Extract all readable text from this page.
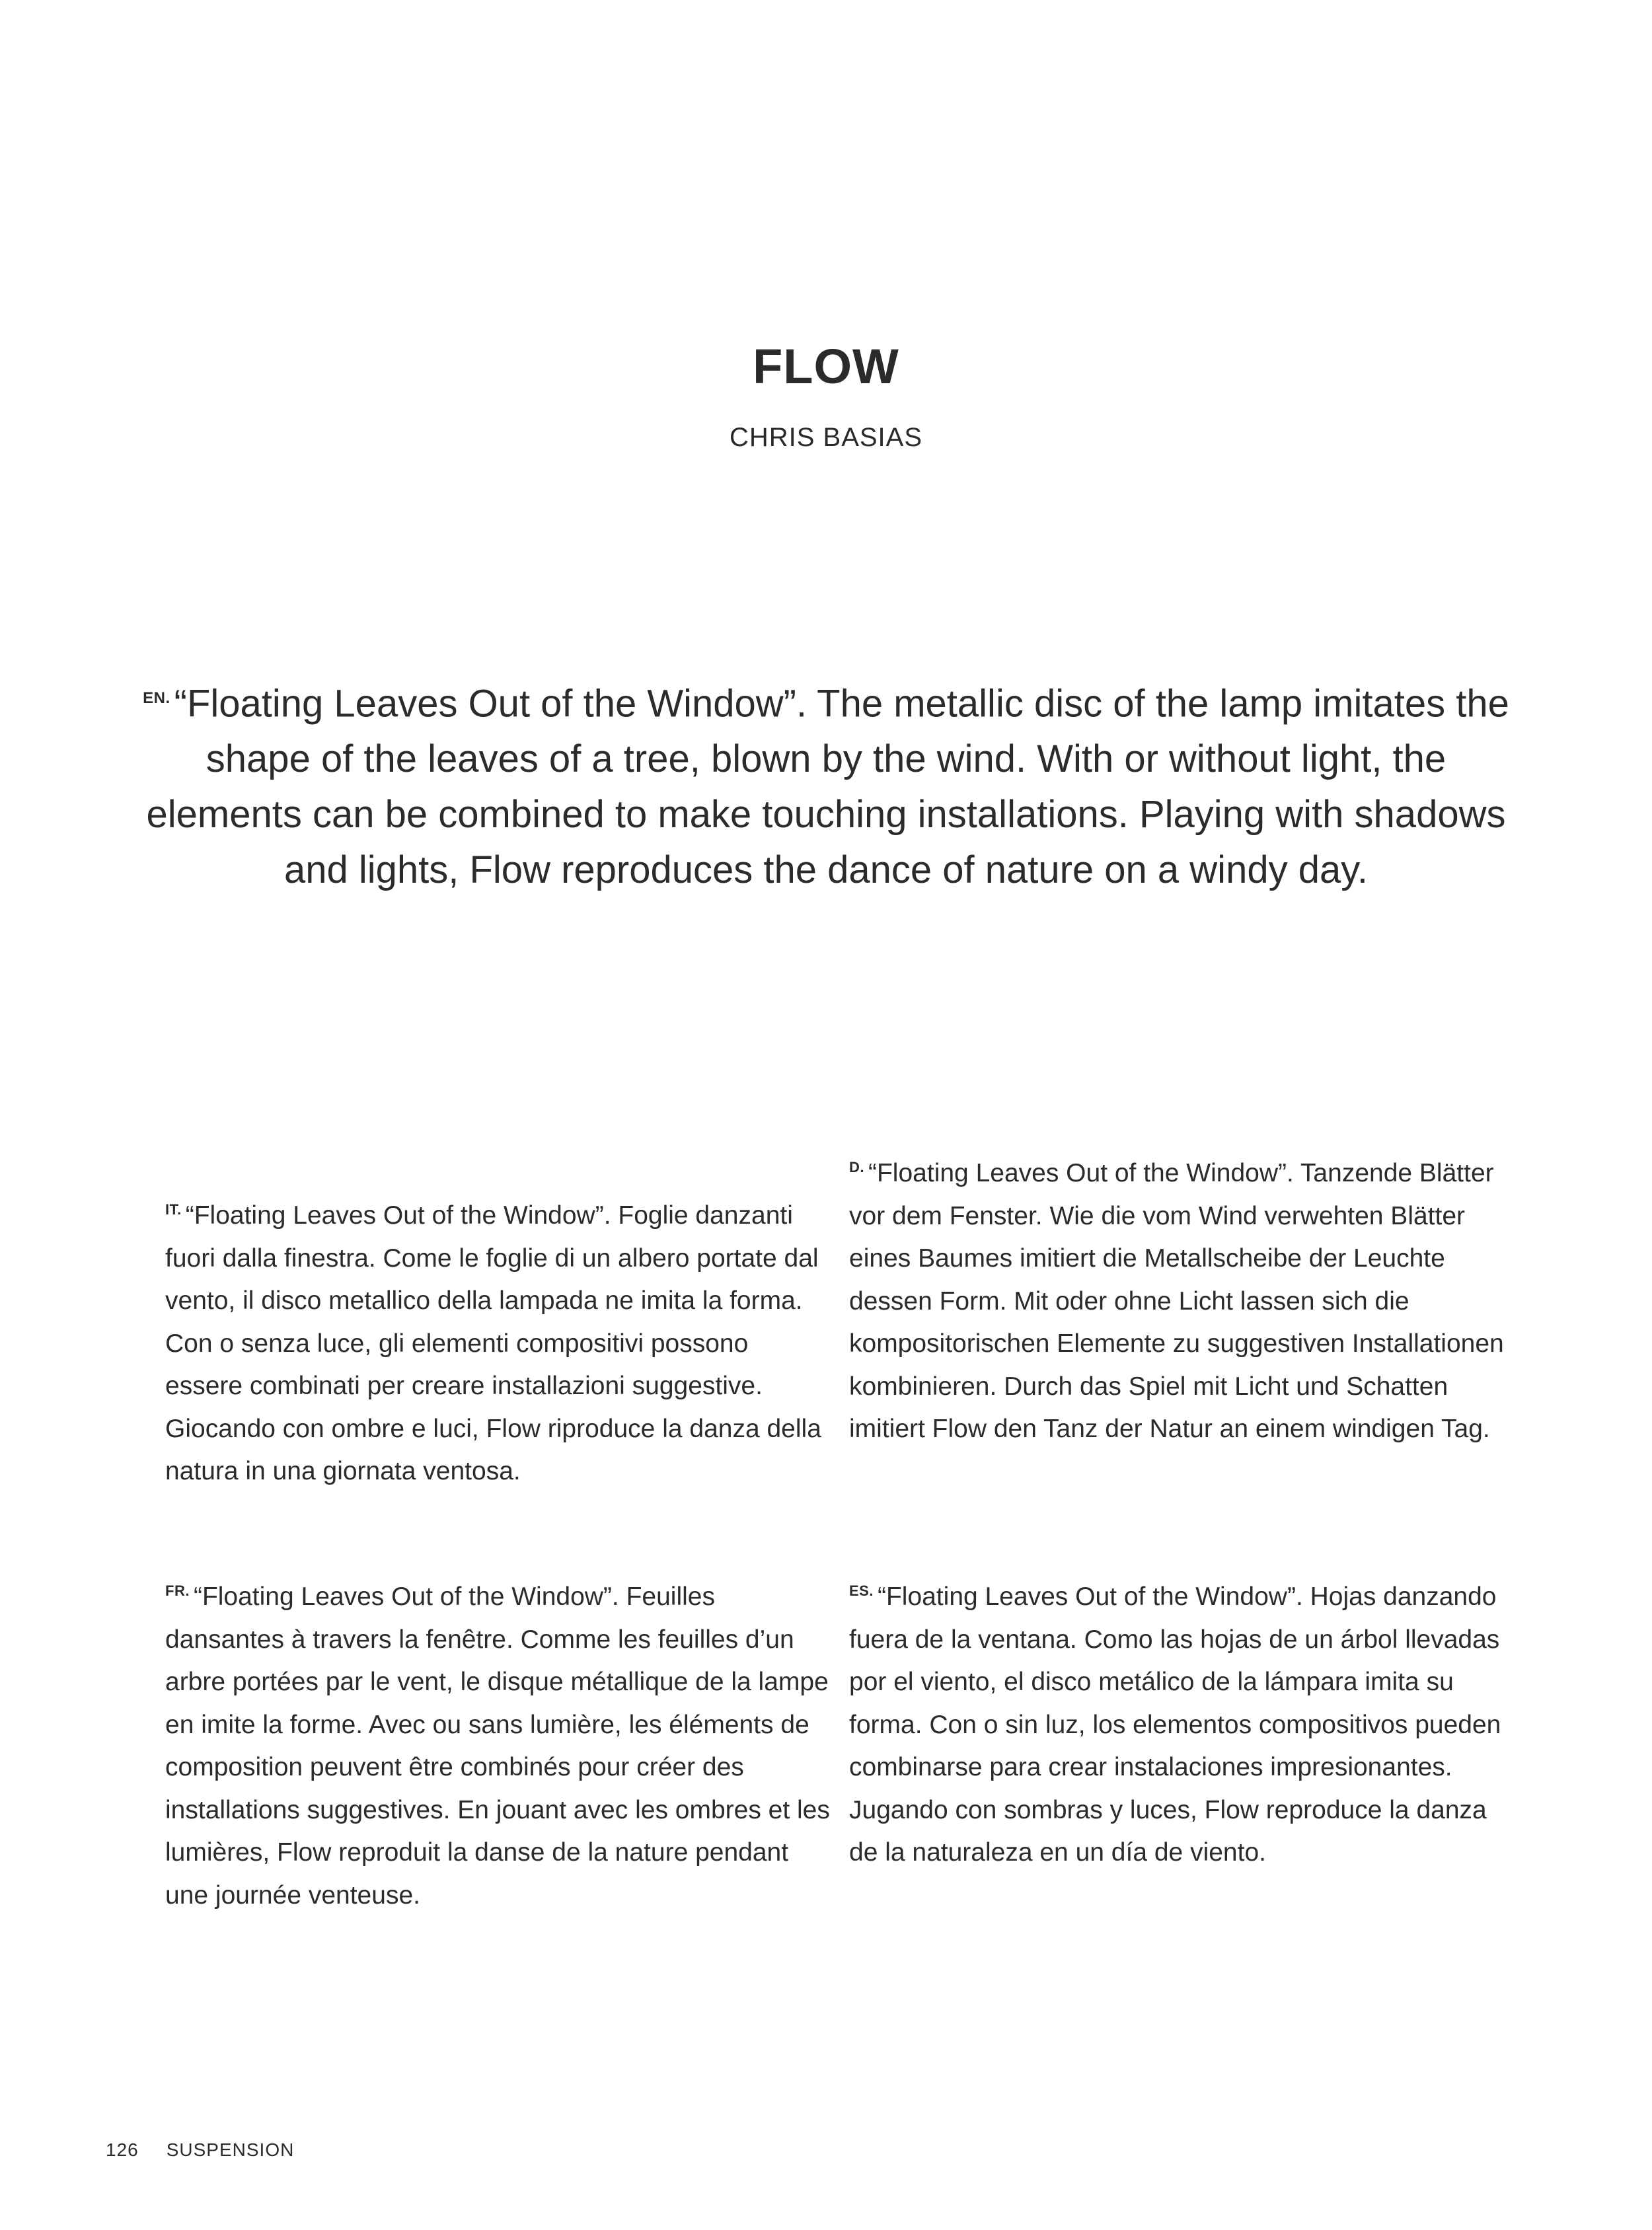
FLOW
CHRIS BASIAS
$^{EN.}$ “Floating Leaves Out of the Window”. The metallic disc of the lamp imitates the shape of the leaves of a tree, blown by the wind. With or without light, the elements can be combined to make touching installations. Playing with shadows and lights, Flow reproduces the dance of nature on a windy day.
$^{IT.}$ “Floating Leaves Out of the Window”. Foglie danzanti fuori dalla finestra. Come le foglie di un albero portate dal vento, il disco metallico della lampada ne imita la forma. Con o senza luce, gli elementi compositivi possono essere combinati per creare installazioni suggestive. Giocando con ombre e luci, Flow riproduce la danza della natura in una giornata ventosa.
$^{FR.}$ “Floating Leaves Out of the Window”. Feuilles dansantes à travers la fenêtre. Comme les feuilles d’un arbre portées par le vent, le disque métallique de la lampe en imite la forme. Avec ou sans lumière, les éléments de composition peuvent être combinés pour créer des installations suggestives. En jouant avec les ombres et les lumières, Flow reproduit la danse de la nature pendant une journée venteuse.
$^{D.}$ “Floating Leaves Out of the Window”. Tanzende Blätter vor dem Fenster. Wie die vom Wind verwehten Blätter eines Baumes imitiert die Metallscheibe der Leuchte dessen Form. Mit oder ohne Licht lassen sich die kompositorischen Elemente zu suggestiven Installationen kombinieren. Durch das Spiel mit Licht und Schatten imitiert Flow den Tanz der Natur an einem windigen Tag.
$^{ES.}$ “Floating Leaves Out of the Window”. Hojas danzando fuera de la ventana. Como las hojas de un árbol llevadas por el viento, el disco metálico de la lámpara imita su forma. Con o sin luz, los elementos compositivos pueden combinarse para crear instalaciones impresionantes. Jugando con sombras y luces, Flow reproduce la danza de la naturaleza en un día de viento.
126 SUSPENSION
